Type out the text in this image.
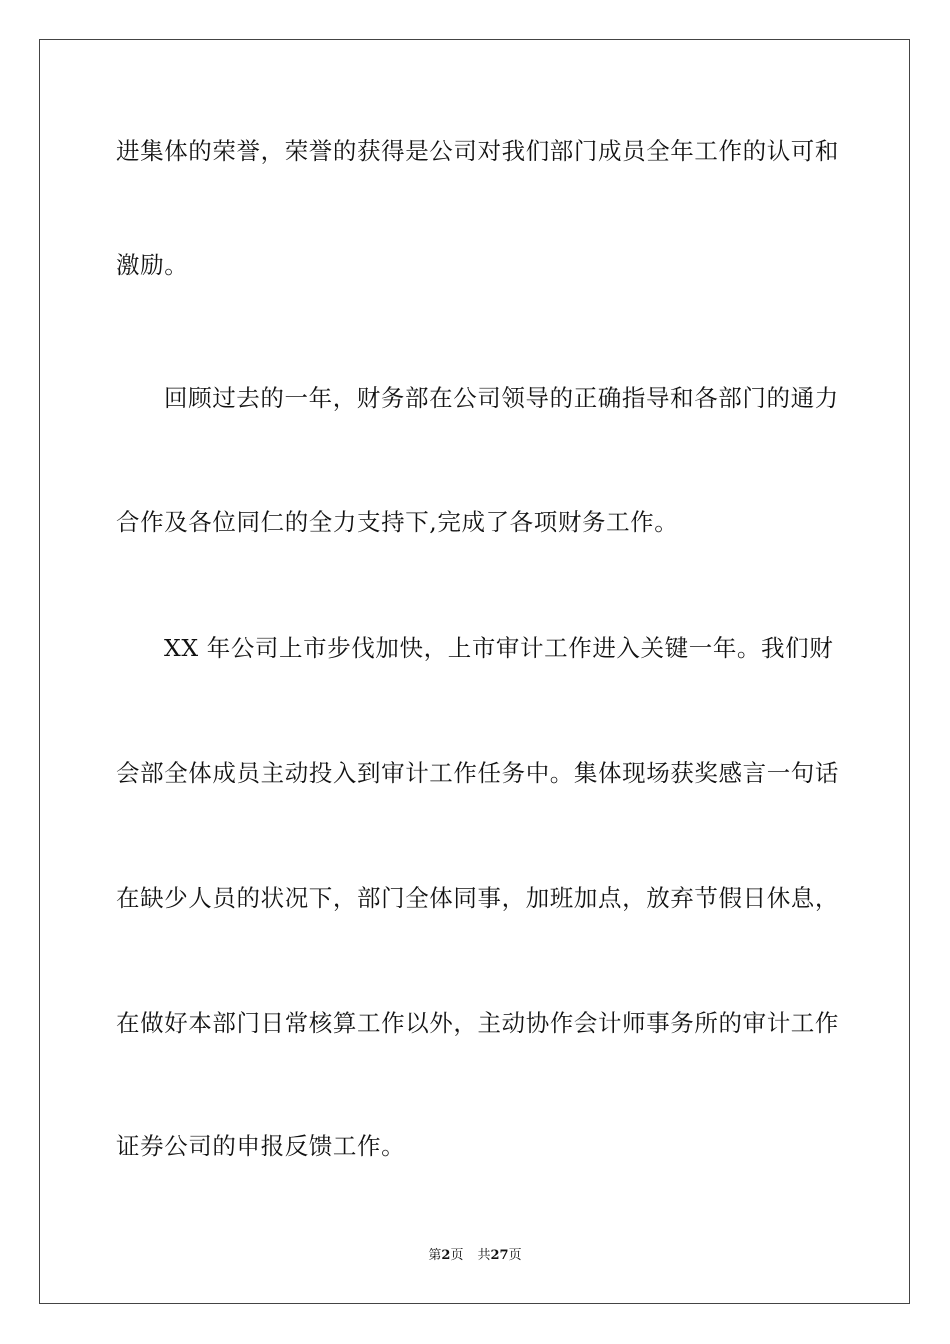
进集体的荣誉，荣誉的获得是公司对我们部门成员全年工作的认可和
激励。
回顾过去的一年，财务部在公司领导的正确指导和各部门的通力
合作及各位同仁的全力支持下,完成了各项财务工作。
XX 年公司上市步伐加快，上市审计工作进入关键一年。我们财
会部全体成员主动投入到审计工作任务中。集体现场获奖感言一句话
在缺少人员的状况下，部门全体同事，加班加点，放弃节假日休息，
在做好本部门日常核算工作以外，主动协作会计师事务所的审计工作
证券公司的申报反馈工作。
第2页 共27页
